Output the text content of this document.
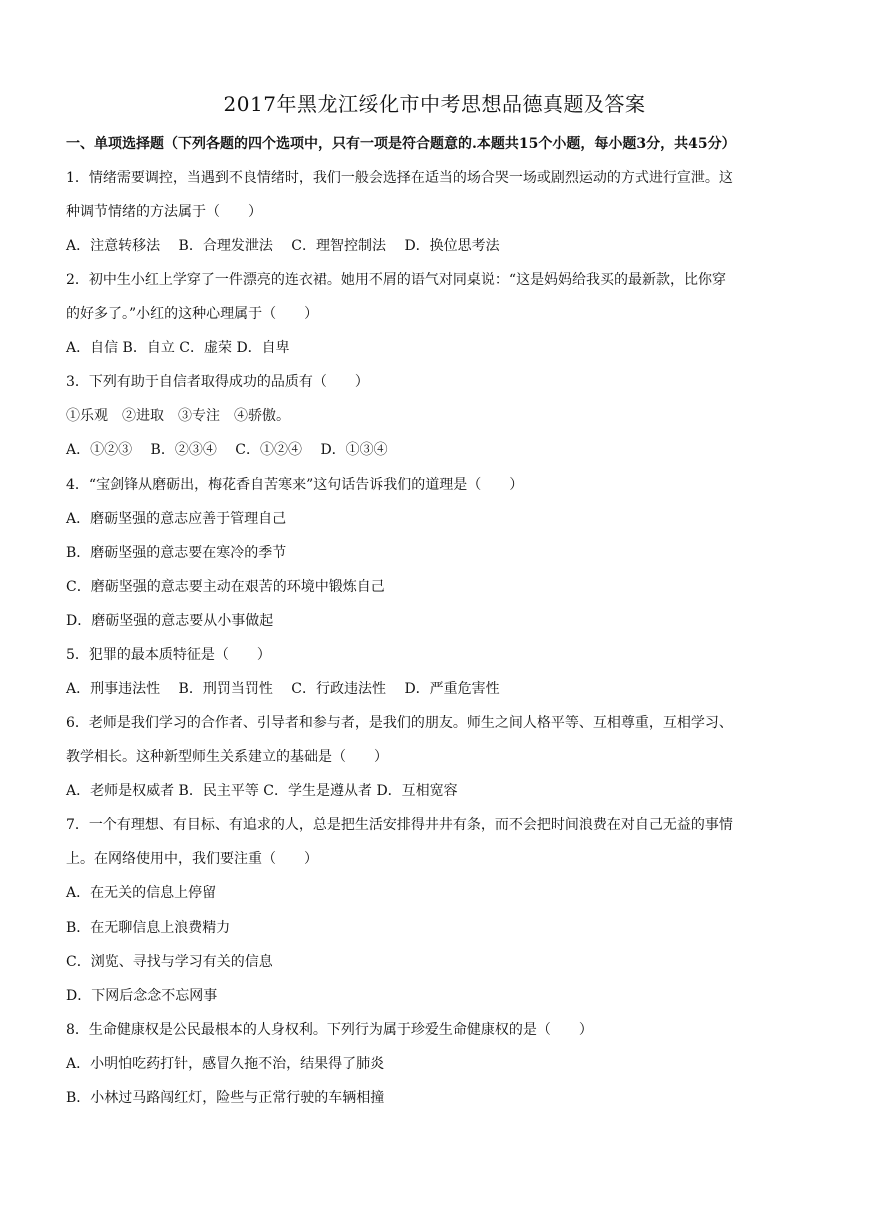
2017年黑龙江绥化市中考思想品德真题及答案
一、单项选择题（下列各题的四个选项中，只有一项是符合题意的.本题共15个小题，每小题3分，共45分）
1．情绪需要调控，当遇到不良情绪时，我们一般会选择在适当的场合哭一场或剧烈运动的方式进行宣泄。这
种调节情绪的方法属于（　　）
A．注意转移法　 B．合理发泄法　 C．理智控制法　 D．换位思考法
2．初中生小红上学穿了一件漂亮的连衣裙。她用不屑的语气对同桌说：“这是妈妈给我买的最新款，比你穿
的好多了。”小红的这种心理属于（　　）
A．自信 B．自立 C．虚荣 D．自卑
3．下列有助于自信者取得成功的品质有（　　）
①乐观　②进取　③专注　④骄傲。
A．①②③　 B．②③④　 C．①②④　 D．①③④
4．“宝剑锋从磨砺出，梅花香自苦寒来”这句话告诉我们的道理是（　　）
A．磨砺坚强的意志应善于管理自己
B．磨砺坚强的意志要在寒冷的季节
C．磨砺坚强的意志要主动在艰苦的环境中锻炼自己
D．磨砺坚强的意志要从小事做起
5．犯罪的最本质特征是（　　）
A．刑事违法性　 B．刑罚当罚性　 C．行政违法性　 D．严重危害性
6．老师是我们学习的合作者、引导者和参与者，是我们的朋友。师生之间人格平等、互相尊重，互相学习、
教学相长。这种新型师生关系建立的基础是（　　）
A．老师是权威者 B．民主平等 C．学生是遵从者 D．互相宽容
7．一个有理想、有目标、有追求的人，总是把生活安排得井井有条，而不会把时间浪费在对自己无益的事情
上。在网络使用中，我们要注重（　　）
A．在无关的信息上停留
B．在无聊信息上浪费精力
C．浏览、寻找与学习有关的信息
D．下网后念念不忘网事
8．生命健康权是公民最根本的人身权利。下列行为属于珍爱生命健康权的是（　　）
A．小明怕吃药打针，感冒久拖不治，结果得了肺炎
B．小林过马路闯红灯，险些与正常行驶的车辆相撞
